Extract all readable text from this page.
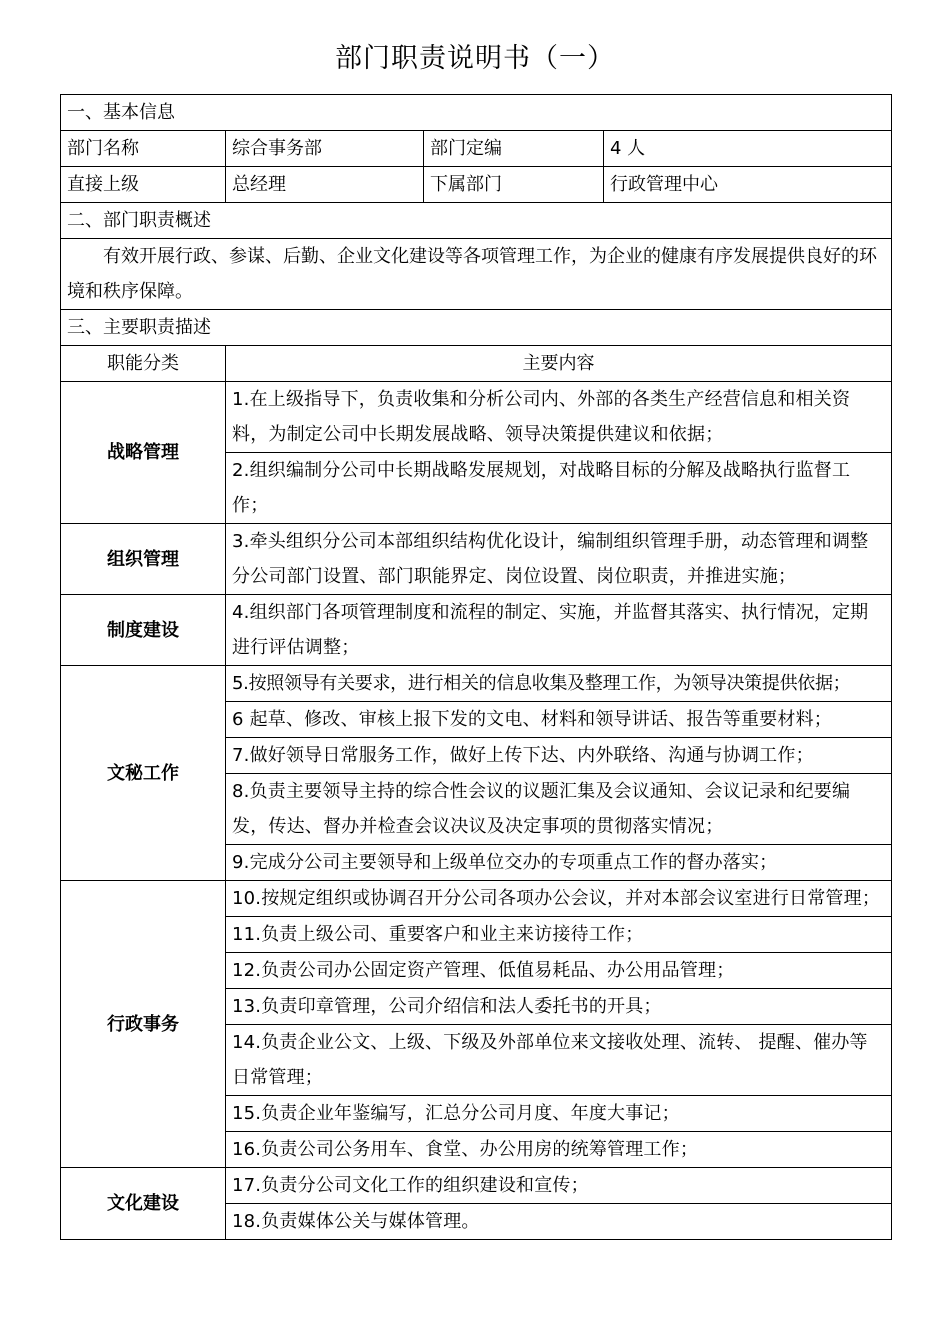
部门职责说明书（一）
一、基本信息			
部门名称	综合事务部	部门定编	4 人
直接上级	总经理	下属部门	行政管理中心
二、部门职责概述			
有效开展行政、参谋、后勤、企业文化建设等各项管理工作，为企业的健康有序发展提供良好的环境和秩序保障。			
三、主要职责描述			
职能分类	主要内容		
战略管理	1.在上级指导下，负责收集和分析公司内、外部的各类生产经营信息和相关资料，为制定公司中长期发展战略、领导决策提供建议和依据；		
	2.组织编制分公司中长期战略发展规划，对战略目标的分解及战略执行监督工作；		
组织管理	3.牵头组织分公司本部组织结构优化设计，编制组织管理手册，动态管理和调整分公司部门设置、部门职能界定、岗位设置、岗位职责，并推进实施；		
制度建设	4.组织部门各项管理制度和流程的制定、实施，并监督其落实、执行情况，定期进行评估调整；		
文秘工作	5.按照领导有关要求，进行相关的信息收集及整理工作，为领导决策提供依据；		
	6 起草、修改、审核上报下发的文电、材料和领导讲话、报告等重要材料；		
	7.做好领导日常服务工作，做好上传下达、内外联络、沟通与协调工作；		
	8.负责主要领导主持的综合性会议的议题汇集及会议通知、会议记录和纪要编发，传达、督办并检查会议决议及决定事项的贯彻落实情况；		
	9.完成分公司主要领导和上级单位交办的专项重点工作的督办落实；		
行政事务	10.按规定组织或协调召开分公司各项办公会议，并对本部会议室进行日常管理；		
	11.负责上级公司、重要客户和业主来访接待工作；		
	12.负责公司办公固定资产管理、低值易耗品、办公用品管理；		
	13.负责印章管理，公司介绍信和法人委托书的开具；		
	14.负责企业公文、上级、下级及外部单位来文接收处理、流转、 提醒、催办等日常管理；		
	15.负责企业年鉴编写，汇总分公司月度、年度大事记；		
	16.负责公司公务用车、食堂、办公用房的统筹管理工作；		
文化建设	17.负责分公司文化工作的组织建设和宣传；		
	18.负责媒体公关与媒体管理。		
